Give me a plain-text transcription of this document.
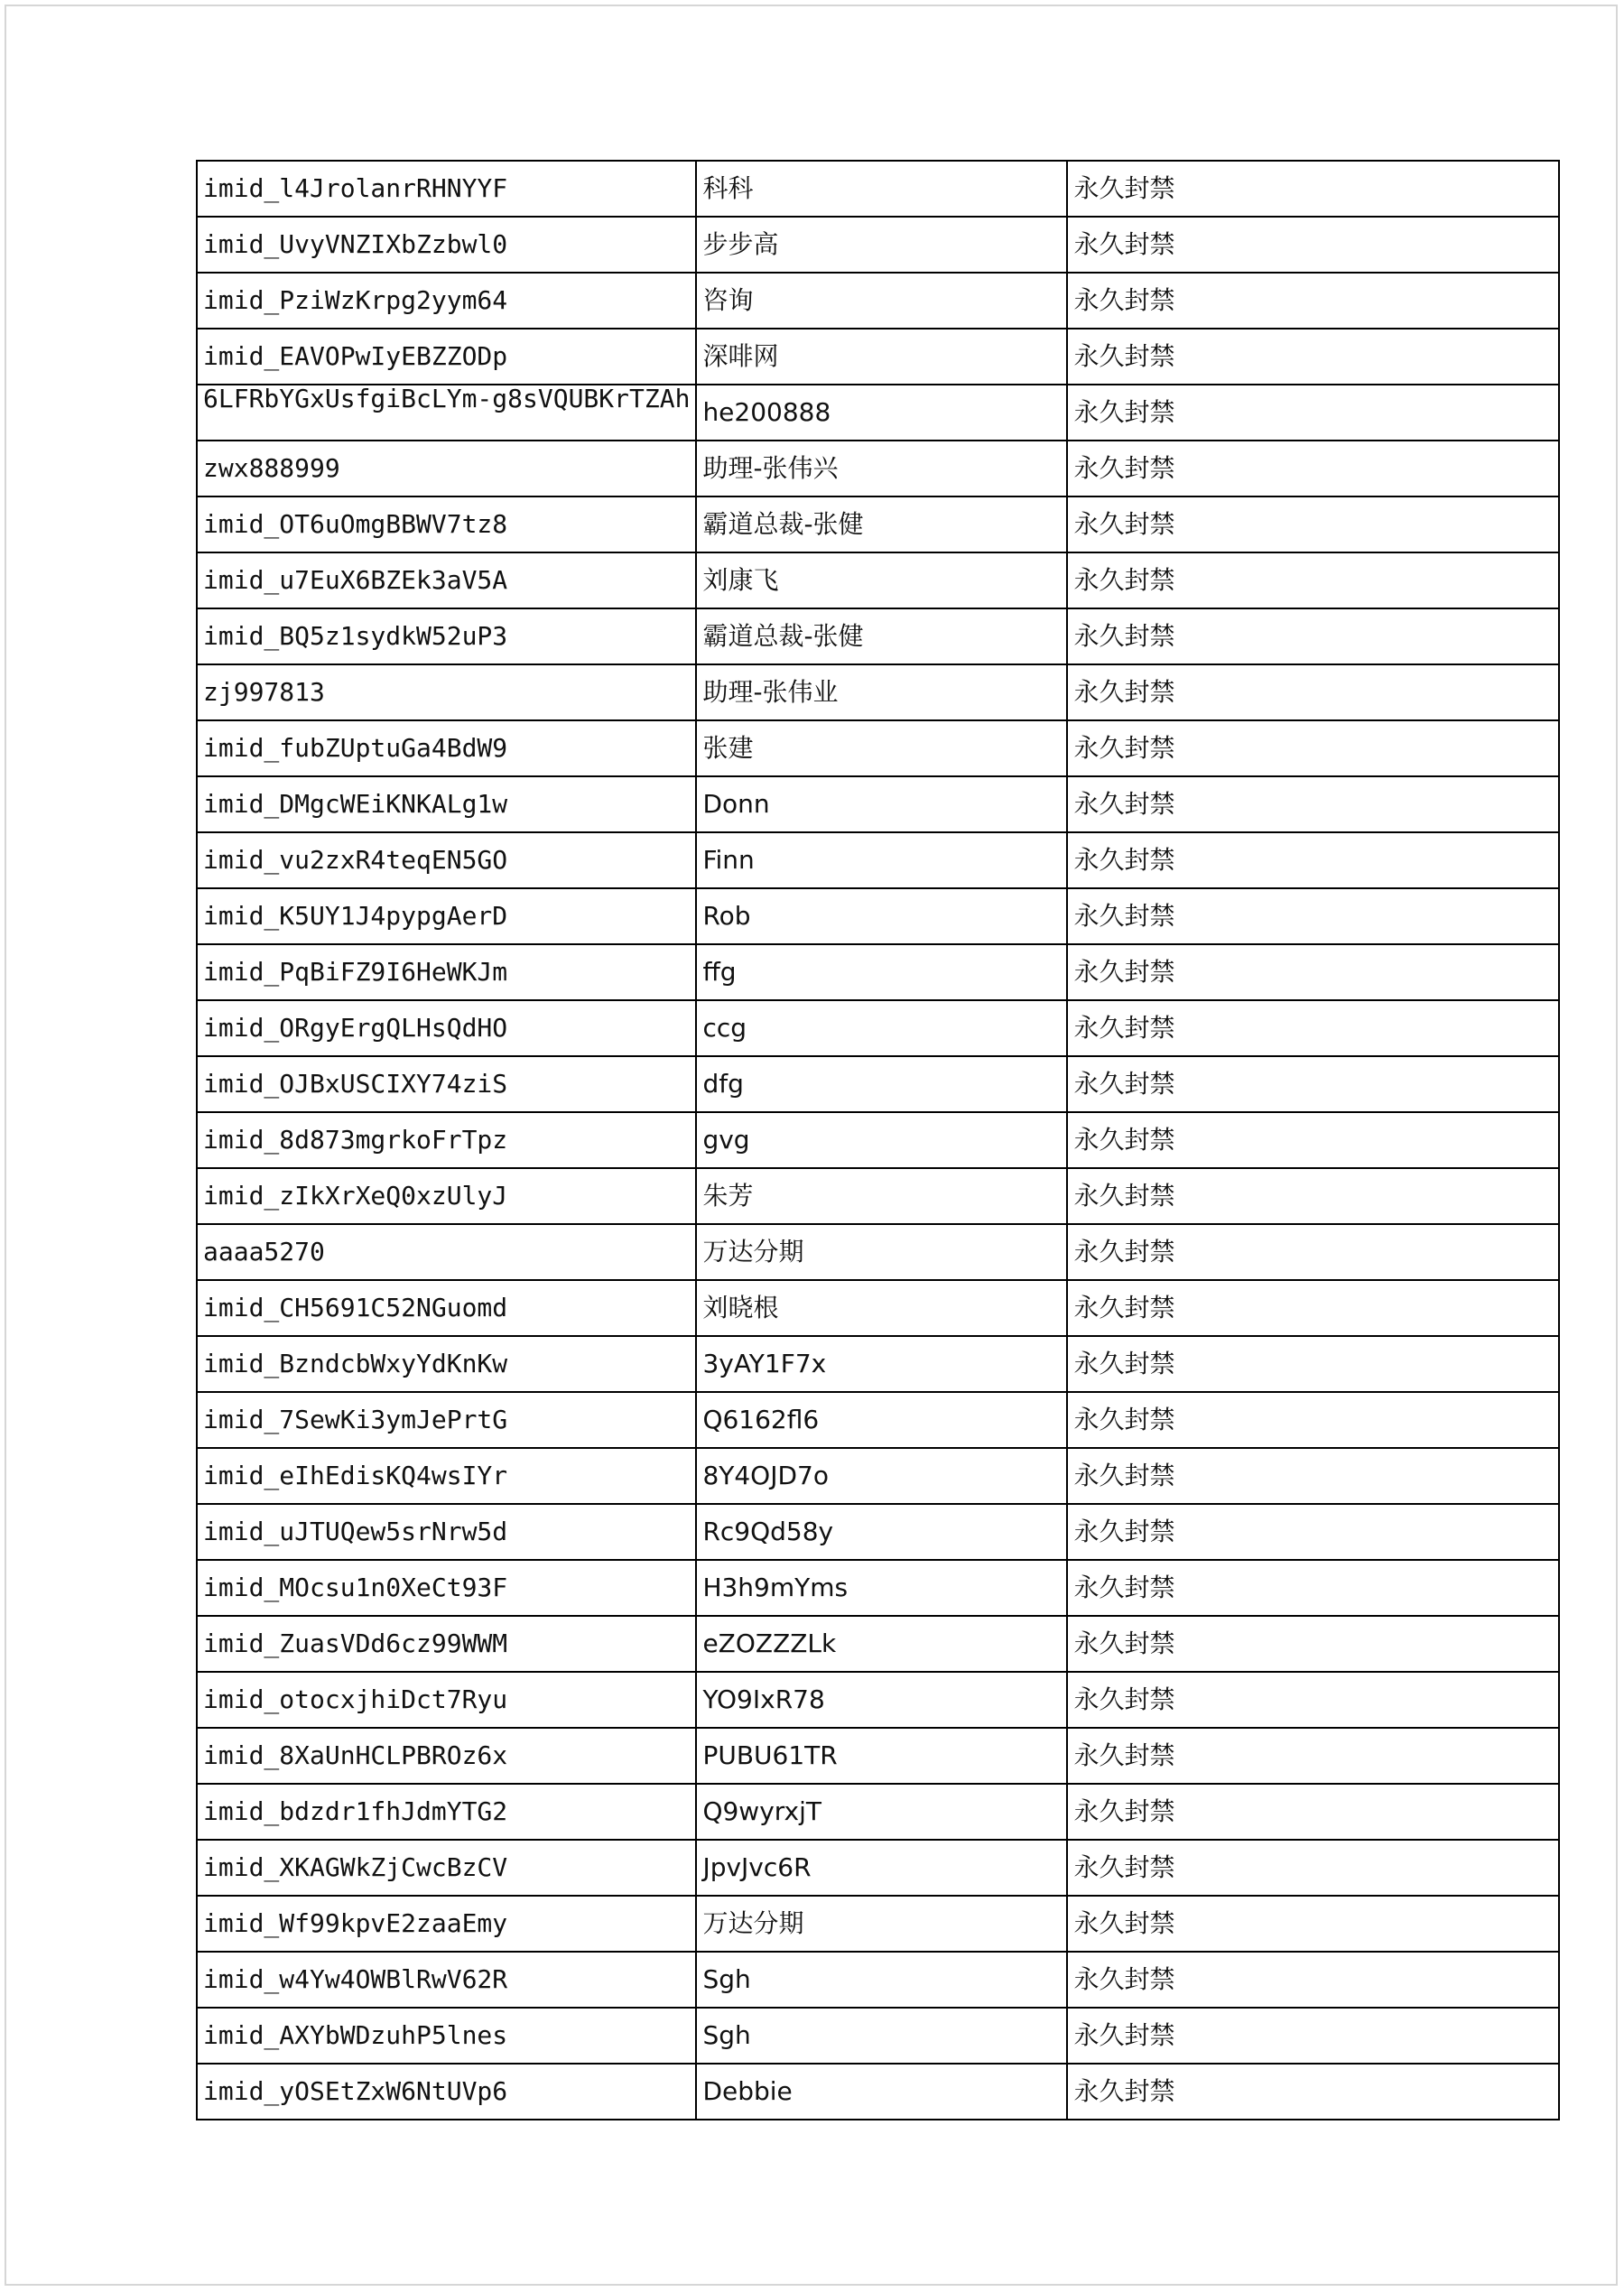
imid_l4JrolanrRHNYYF	科科	永久封禁
imid_UvyVNZIXbZzbwl0	步步高	永久封禁
imid_PziWzKrpg2yym64	咨询	永久封禁
imid_EAVOPwIyEBZZODp	深啡网	永久封禁

6LFRbYGxUsfgiBcLYm-g8sVQUBKrTZAh	he200888	永久封禁
zwx888999	助理-张伟兴	永久封禁
imid_OT6uOmgBBWV7tz8	霸道总裁-张健	永久封禁
imid_u7EuX6BZEk3aV5A	刘康飞	永久封禁
imid_BQ5z1sydkW52uP3	霸道总裁-张健	永久封禁
zj997813	助理-张伟业	永久封禁
imid_fubZUptuGa4BdW9	张建	永久封禁
imid_DMgcWEiKNKALg1w	Donn	永久封禁
imid_vu2zxR4teqEN5GO	Finn	永久封禁
imid_K5UY1J4pypgAerD	Rob	永久封禁
imid_PqBiFZ9I6HeWKJm	ffg	永久封禁
imid_ORgyErgQLHsQdHO	ccg	永久封禁
imid_OJBxUSCIXY74ziS	dfg	永久封禁
imid_8d873mgrkoFrTpz	gvg	永久封禁
imid_zIkXrXeQ0xzUlyJ	朱芳	永久封禁
aaaa5270	万达分期	永久封禁
imid_CH5691C52NGuomd	刘晓根	永久封禁
imid_BzndcbWxyYdKnKw	3yAY1F7x	永久封禁
imid_7SewKi3ymJePrtG	Q6162fl6	永久封禁
imid_eIhEdisKQ4wsIYr	8Y4OJD7o	永久封禁
imid_uJTUQew5srNrw5d	Rc9Qd58y	永久封禁
imid_MOcsu1n0XeCt93F	H3h9mYms	永久封禁
imid_ZuasVDd6cz99WWM	eZOZZZLk	永久封禁
imid_otocxjhiDct7Ryu	YO9IxR78	永久封禁
imid_8XaUnHCLPBROz6x	PUBU61TR	永久封禁
imid_bdzdr1fhJdmYTG2	Q9wyrxjT	永久封禁
imid_XKAGWkZjCwcBzCV	JpvJvc6R	永久封禁
imid_Wf99kpvE2zaaEmy	万达分期	永久封禁
imid_w4Yw4OWBlRwV62R	Sgh	永久封禁
imid_AXYbWDzuhP5lnes	Sgh	永久封禁
imid_yOSEtZxW6NtUVp6	Debbie	永久封禁
